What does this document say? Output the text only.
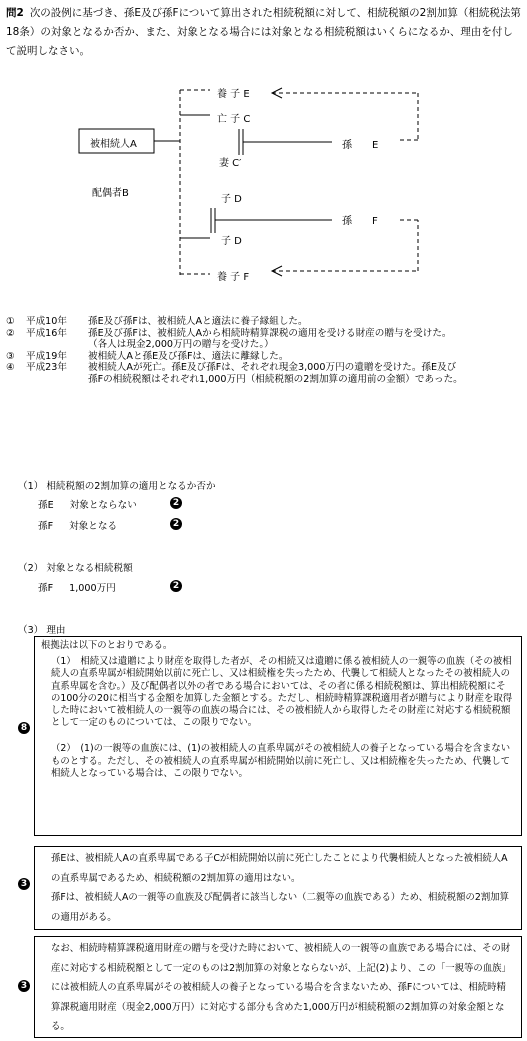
問2 次の設例に基づき、孫E及び孫Fについて算出された相続税額に対して、相続税額の2割加算（相続税法第18条）の対象となるか否か、また、対象となる場合には対象となる相続税額はいくらになるか、理由を付して説明しなさい。
被相続人A
配偶者B
養 子 E
亡 子 C
妻 C′
孫　　E
子 D
孫　　F
子 D
養 子 F
①	平成10年	孫E及び孫Fは、被相続人Aと適法に養子縁組した。
②	平成16年	孫E及び孫Fは、被相続人Aから相続時精算課税の適用を受ける財産の贈与を受けた。
（各人は現金2,000万円の贈与を受けた。）
③	平成19年	被相続人Aと孫E及び孫Fは、適法に離縁した。
④	平成23年	被相続人Aが死亡。孫E及び孫Fは、それぞれ現金3,000万円の遺贈を受けた。孫E及び
孫Fの相続税額はそれぞれ1,000万円（相続税額の2割加算の適用前の金額）であった。
（1） 相続税額の2割加算の適用となるか否か
孫E 対象とならない	2
孫F 対象となる	2
（2） 対象となる相続税額
孫F 1,000万円	2
（3） 理由
8

根拠法は以下のとおりである。

（1）　相続又は遺贈により財産を取得した者が、その相続又は遺贈に係る被相続人の一親等の血族（その被相続人の直系卑属が相続開始以前に死亡し、又は相続権を失ったため、代襲して相続人となったその被相続人の直系卑属を含む。）及び配偶者以外の者である場合においては、その者に係る相続税額は、算出相続税額にその100分の20に相当する金額を加算した金額とする。ただし、相続時精算課税適用者が贈与により財産を取得した時において被相続人の一親等の血族の場合には、その被相続人から取得したその財産に対応する相続税額として一定のものについては、この限りでない。

（2）　(1)の一親等の血族には、(1)の被相続人の直系卑属がその被相続人の養子となっている場合を含まないものとする。ただし、その被相続人の直系卑属が相続開始以前に死亡し、又は相続権を失ったため、代襲して相続人となっている場合は、この限りでない。

3

孫Eは、被相続人Aの直系卑属である子Cが相続開始以前に死亡したことにより代襲相続人となった被相続人Aの直系卑属であるため、相続税額の2割加算の適用はない。

孫Fは、被相続人Aの一親等の血族及び配偶者に該当しない（二親等の血族である）ため、相続税額の2割加算の適用がある。

3

なお、相続時精算課税適用財産の贈与を受けた時において、被相続人の一親等の血族である場合には、その財産に対応する相続税額として一定のものは2割加算の対象とならないが、上記(2)より、この「一親等の血族」には被相続人の直系卑属がその被相続人の養子となっている場合を含まないため、孫Fについては、相続時精算課税適用財産（現金2,000万円）に対応する部分も含めた1,000万円が相続税額の2割加算の対象金額となる。
